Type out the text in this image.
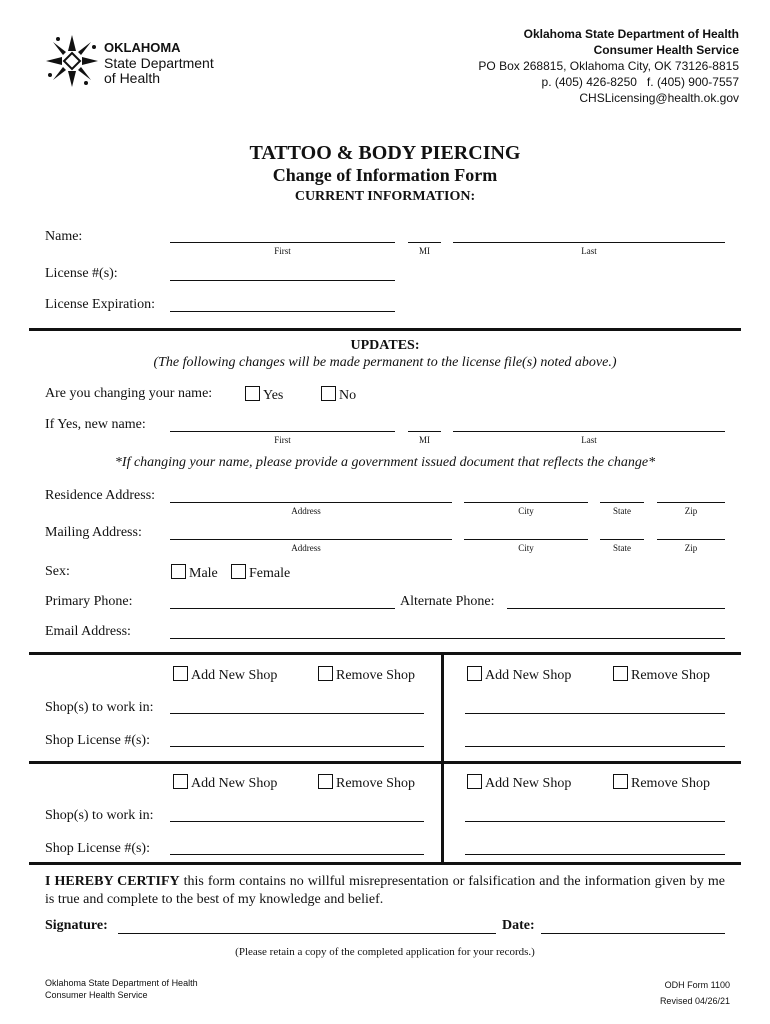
OKLAHOMA
State Department
of Health
Oklahoma State Department of Health
Consumer Health Service
PO Box 268815, Oklahoma City, OK 73126-8815
p. (405) 426-8250   f. (405) 900-7557
CHSLicensing@health.ok.gov
TATTOO & BODY PIERCING
Change of Information Form
CURRENT INFORMATION:
Name:
First	MI	Last
License #(s):
License Expiration:
UPDATES:
(The following changes will be made permanent to the license file(s) noted above.)
Are you changing your name:	Yes	No
If Yes, new name:
First	MI	Last
*If changing your name, please provide a government issued document that reflects the change*
Residence Address:
Address	City	State	Zip
Mailing Address:
Address	City	State	Zip
Sex:	Male	Female
Primary Phone:	Alternate Phone:
Email Address:
Add New Shop	Remove Shop	Add New Shop	Remove Shop
Shop(s) to work in:
Shop License #(s):
Add New Shop	Remove Shop	Add New Shop	Remove Shop
Shop(s) to work in:
Shop License #(s):
I HEREBY CERTIFY this form contains no willful misrepresentation or falsification and the information given by me is true and complete to the best of my knowledge and belief.
Signature:	Date:
(Please retain a copy of the completed application for your records.)
Oklahoma State Department of Health
Consumer Health Service
ODH Form 1100
Revised 04/26/21
